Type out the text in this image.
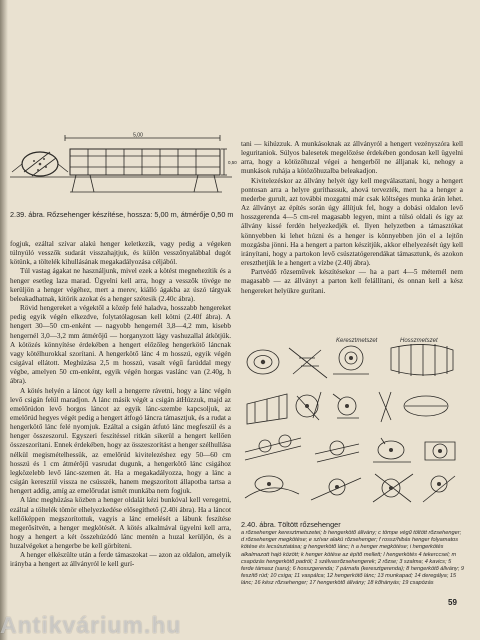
5,00
0,50
2.39. ábra. Rőzsehenger készítése, hossza: 5,00 m, átmérője 0,50 m

fogjuk, ezáltal szívar alakú henger keletkezik, vagy pedig a végeken túlnyúló vesszők sudarát visszahajtjuk, és külön vesszőnyalábbal dugót kötünk, a töltelék kihullásának megakadályozása céljából.

Túl vastag ágakat ne használjunk, mivel ezek a kötést megnehezítik és a henger esetleg laza marad. Ügyelni kell arra, hogy a vesszők tövége ne kerüljön a henger végéhez, mert a merev, kiálló ágakba az úszó tárgyak beleakadhatnak, kitörik azokat és a henger szétesik (2.40c ábra).

Rövid hengereket a végektől a közép felé haladva, hosszabb hengereket pedig egyik végén elkezdve, folytatólagosan kell kötni (2.40f ábra). A hengert 30—50 cm-enként — nagyobb hengernél 3,8—4,2 mm, kisebb hengernél 3,0—3,2 mm átmérőjű — horganyzott lágy vashuzallal átkötjük. A kötözés könnyítése érdekében a hengert előzőleg hengerkötő láncnak vagy kötélhurokkal szorítani. A hengerkötő lánc 4 m hosszú, egyik végén csigával ellátott. Meghúzása 2,5 m hosszú, vasalt végű farúddal megy végbe, amelyen 50 cm-enként, egyik végén horgas vaslánc van (2.40g, h ábra).

A kötés helyén a láncot úgy kell a hengerre rávetni, hogy a lánc végén levő csigán felül maradjon. A lánc másik végét a csigán átHúzzuk, majd az emelőrúdon levő horgos láncot az egyik lánc-szembe kapcsoljuk, az emelőrúd hegyes végét pedig a hengert átfogó láncra támasztjuk, és a rudat a hengerkötő lánc felé nyomjuk. Ezáltal a csigán átfutó lánc megfeszül és a henger összeszorul. Egyszeri feszítéssel ritkán sikerül a hengert kellően összeszorítani. Ennek érdekében, hogy az összeszorítást a henger szélhullása nélkül megismételhessük, az emelőrúd kivitelezéshez egy 50—60 cm hosszú és 1 cm átmérőjű vasrudat dugunk, a hengerkötő lánc csigához legközelebb levő lánc-szemen át. Ha a megakadályozza, hogy a lánc a csigán keresztül vissza ne csússzék, hanem megszorított állapotba tartsa a hengert addig, amíg az emelőrudat ismét munkába nem fogjuk.

A lánc meghúzása közben a henger oldalát kézi bunkóval kell veregetni, ezáltal a töltelék tömör elhelyezkedése elősegíthető (2.40i ábra). Ha a láncot kellőképpen megszorítottuk, vagyis a lánc emelését a lábunk feszítése megerősítvén, a henger megkötését. A kötés alkalmával ügyelni kell arra, hogy a hengert a két összehúzódó lánc mentén a huzal kerüljön, és a huzalvégeket a hengerbe be kell görbíteni.

A henger elkészülte után a ferde támaszokat — azon az oldalon, amelyik irányba a hengert az állványról le kell gurí-

tani — kihúzzuk. A munkásoknak az állványról a hengert vezényszóra kell leguritaniok. Súlyos balesetek megelőzése érdekében gondosan kell ügyelni arra, hogy a kötözőhuzal végei a hengerből ne álljanak ki, nehogy a munkások ruhája a kötözőhuzalba beleakadjon.

Kivitelezéskor az állvány helyét úgy kell megválasztani, hogy a hengert pontosan arra a helyre guríthassuk, ahová tervezték, mert ha a henger a mederbe gurult, azt további mozgatni már csak költséges munka árán lehet. Az állványt az építés során úgy állítjuk fel, hogy a dobási oldalon levő hosszgerenda 4—5 cm-rel magasabb legyen, mint a túlsó oldali és így az állvány kissé ferdén helyezkedjék el. Ilyen helyzetben a támasztókat könnyebben ki lehet húzni és a henger is könnyebben jön el a lejtőn mozgásba jönni. Ha a hengert a parton készítjük, akkor elhelyezését úgy kell irányítani, hogy a partokon levő csúsztatógerendákat támasztunk, és azokon ereszthetjük le a hengert a vízbe (2.40j ábra).

Partvédő rőzseművek készítésekor — ha a part 4—5 méternél nem magasabb — az állványt a parton kell felállítani, és onnan kell a kész hengereket helyükre gurítani.

Keresztmetszet	Hosszmetszet
2.40. ábra. Töltött rőzsehenger
a rőzsehenger keresztmetszetei; b hengerkötő állvány; c tömpe végű töltött rőzsehenger; d rőzsehenger megkötése; e szívar alakú rőzsehenger; f rossz/hibás henger folyamatos kötése és lecsúsztatása; g hengerkötő lánc; h a henger megkötése; i hengerkötés alkalmazott hajó között; k henger kötése az építő mellett; l hengerkötés 4 tekerccsel; m csapózás hengerkötő padról; 1 szélvasrőzsehengerek; 2 rőzse; 3 szalma; 4 kavics; 5 ferde támasz (saru); 6 hosszgerenda; 7 párnafa (keresztgerenda); 8 hengerkötő állvány; 9 feszítő rúd; 10 csiga; 11 vaspálca; 12 hengerkötő lánc; 13 munkapad; 14 deregálya; 15 lánc; 16 kész rőzsehenger; 17 hengerkötő állvány; 18 kőhányás; 19 csapózás
59
Antikvárium.hu
